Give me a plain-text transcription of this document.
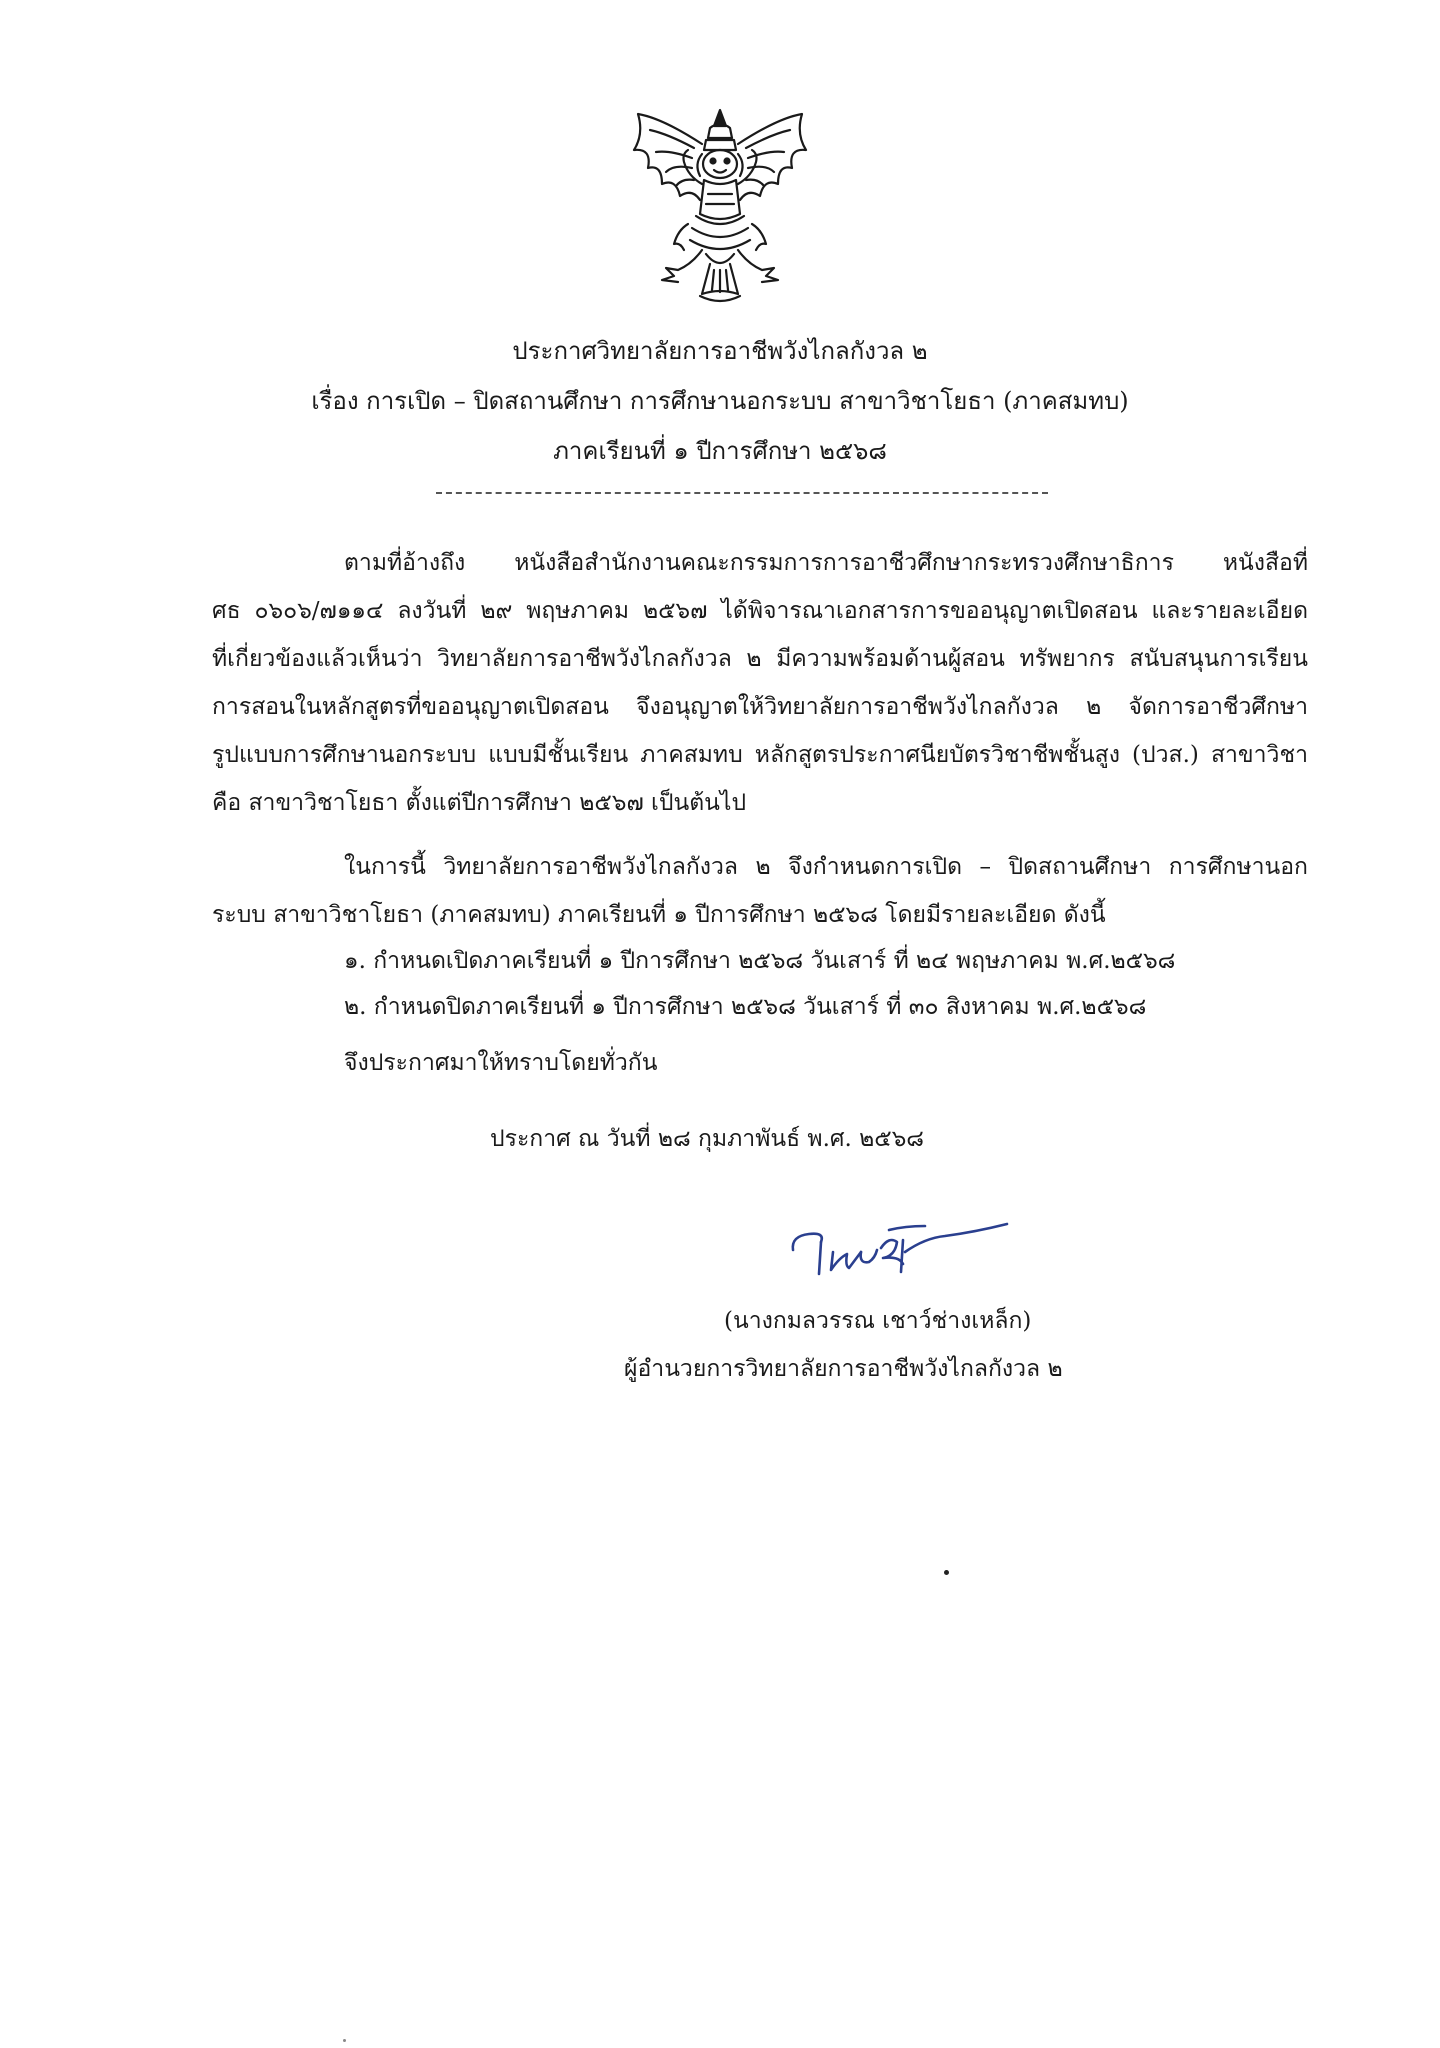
ประกาศวิทยาลัยการอาชีพวังไกลกังวล ๒
เรื่อง การเปิด – ปิดสถานศึกษา การศึกษานอกระบบ สาขาวิชาโยธา (ภาคสมทบ)
ภาคเรียนที่ ๑ ปีการศึกษา ๒๕๖๘
ตามที่อ้างถึง หนังสือสำนักงานคณะกรรมการการอาชีวศึกษากระทรวงศึกษาธิการ หนังสือที่
ศธ ๐๖๐๖/๗๑๑๔ ลงวันที่ ๒๙ พฤษภาคม ๒๕๖๗ ได้พิจารณาเอกสารการขออนุญาตเปิดสอน และรายละเอียด
ที่เกี่ยวข้องแล้วเห็นว่า วิทยาลัยการอาชีพวังไกลกังวล ๒ มีความพร้อมด้านผู้สอน ทรัพยากร สนับสนุนการเรียน
การสอนในหลักสูตรที่ขออนุญาตเปิดสอน จึงอนุญาตให้วิทยาลัยการอาชีพวังไกลกังวล ๒ จัดการอาชีวศึกษา
รูปแบบการศึกษานอกระบบ แบบมีชั้นเรียน ภาคสมทบ หลักสูตรประกาศนียบัตรวิชาชีพชั้นสูง (ปวส.) สาขาวิชา
คือ สาขาวิชาโยธา ตั้งแต่ปีการศึกษา ๒๕๖๗ เป็นต้นไป
ในการนี้ วิทยาลัยการอาชีพวังไกลกังวล ๒ จึงกำหนดการเปิด – ปิดสถานศึกษา การศึกษานอก
ระบบ สาขาวิชาโยธา (ภาคสมทบ) ภาคเรียนที่ ๑ ปีการศึกษา ๒๕๖๘ โดยมีรายละเอียด ดังนี้
๑. กำหนดเปิดภาคเรียนที่ ๑ ปีการศึกษา ๒๕๖๘ วันเสาร์ ที่ ๒๔ พฤษภาคม พ.ศ.๒๕๖๘
๒. กำหนดปิดภาคเรียนที่ ๑ ปีการศึกษา ๒๕๖๘ วันเสาร์ ที่ ๓๐ สิงหาคม พ.ศ.๒๕๖๘
จึงประกาศมาให้ทราบโดยทั่วกัน
ประกาศ ณ วันที่ ๒๘ กุมภาพันธ์ พ.ศ. ๒๕๖๘
(นางกมลวรรณ เชาว์ช่างเหล็ก)
ผู้อำนวยการวิทยาลัยการอาชีพวังไกลกังวล ๒
